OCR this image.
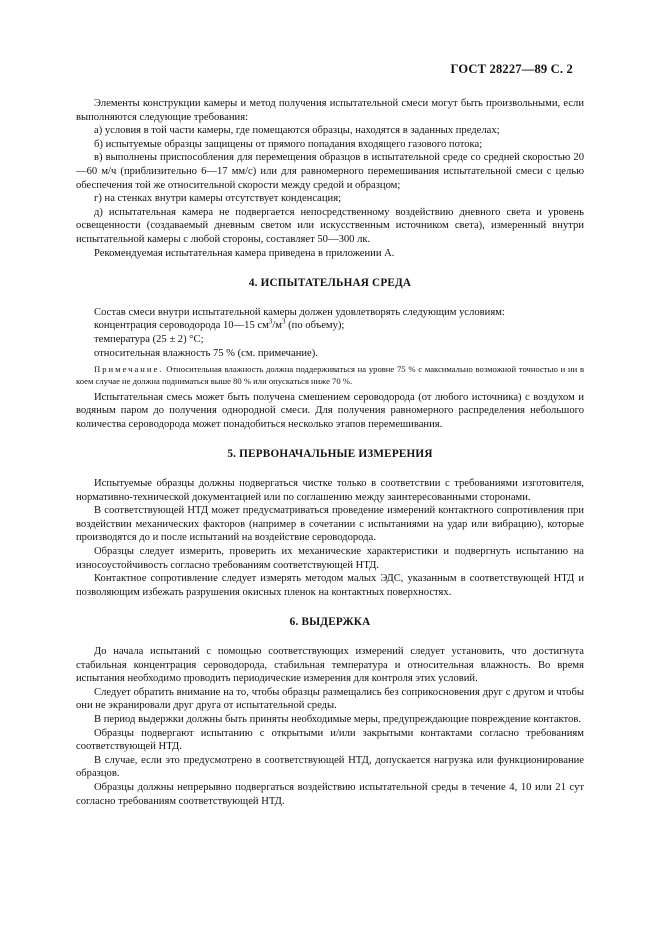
ГОСТ 28227—89 С. 2

Элементы конструкции камеры и метод получения испытательной смеси могут быть произвольными, если выполняются следующие требования:

а) условия в той части камеры, где помещаются образцы, находятся в заданных пределах;

б) испытуемые образцы защищены от прямого попадания входящего газового потока;

в) выполнены приспособления для перемещения образцов в испытательной среде со средней скоростью 20—60 м/ч (приблизительно 6—17 мм/с) или для равномерного перемешивания испытательной смеси с целью обеспечения той же относительной скорости между средой и образцом;

г) на стенках внутри камеры отсутствует конденсация;

д) испытательная камера не подвергается непосредственному воздействию дневного света и уровень освещенности (создаваемый дневным светом или искусственным источником света), измеренный внутри испытательной камеры с любой стороны, составляет 50—300 лк.

Рекомендуемая испытательная камера приведена в приложении А.

4. ИСПЫТАТЕЛЬНАЯ СРЕДА

Состав смеси внутри испытательной камеры должен удовлетворять следующим условиям:

концентрация сероводорода 10—15 $см^3/м^3$ (по объему);

температура (25 ± 2) °С;

относительная влажность 75 % (см. примечание).

Примечание. Относительная влажность должна поддерживаться на уровне 75 % с максимально возможной точностью и ни в коем случае не должна подниматься выше 80 % или опускаться ниже 70 %.

Испытательная смесь может быть получена смешением сероводорода (от любого источника) с воздухом и водяным паром до получения однородной смеси. Для получения равномерного распределения небольшого количества сероводорода может понадобиться несколько этапов перемешивания.

5. ПЕРВОНАЧАЛЬНЫЕ ИЗМЕРЕНИЯ

Испытуемые образцы должны подвергаться чистке только в соответствии с требованиями изготовителя, нормативно-технической документацией или по соглашению между заинтересованными сторонами.

В соответствующей НТД может предусматриваться проведение измерений контактного сопротивления при воздействии механических факторов (например в сочетании с испытаниями на удар или вибрацию), которые производятся до и после испытаний на воздействие сероводорода.

Образцы следует измерить, проверить их механические характеристики и подвергнуть испытанию на износоустойчивость согласно требованиям соответствующей НТД.

Контактное сопротивление следует измерять методом малых ЭДС, указанным в соответствующей НТД и позволяющим избежать разрушения окисных пленок на контактных поверхностях.

6. ВЫДЕРЖКА

До начала испытаний с помощью соответствующих измерений следует установить, что достигнута стабильная концентрация сероводорода, стабильная температура и относительная влажность. Во время испытания необходимо проводить периодические измерения для контроля этих условий.

Следует обратить внимание на то, чтобы образцы размещались без соприкосновения друг с другом и чтобы они не экранировали друг друга от испытательной среды.

В период выдержки должны быть приняты необходимые меры, предупреждающие повреждение контактов.

Образцы подвергают испытанию с открытыми и/или закрытыми контактами согласно требованиям соответствующей НТД.

В случае, если это предусмотрено в соответствующей НТД, допускается нагрузка или функционирование образцов.

Образцы должны непрерывно подвергаться воздействию испытательной среды в течение 4, 10 или 21 сут согласно требованиям соответствующей НТД.
